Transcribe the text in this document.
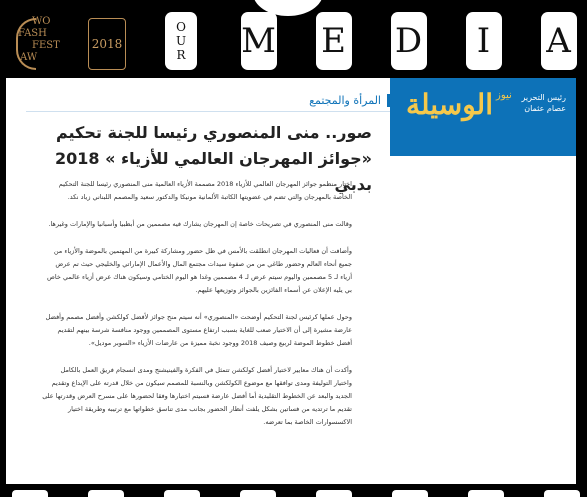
WO
FASH
FEST
AW
2018
O
U
R M E D I A
الوسيلة نيوز رئيس التحرير
عصام عثمان
المرأة والمجتمع
صور.. منى المنصوري رئيسا للجنة تحكيم «جوائز المهرجان العالمي للأزياء » 2018 بدبي

اختار منظمو جوائز المهرجان العالمي للأزياء 2018 مصممة الأزياء العالمية منى المنصوري رئيسا للجنة التحكيم الخاصة بالمهرجان والتي تضم في عضويتها الكاتبة الألمانية مونيكا والدكتور سعيد والمصمم اللبناني زياد نكد.

وقالت منى المنصوري في تصريحات خاصة إن المهرجان يشارك فيه مصممين من أبظبيا وأسبانيا والإمارات وغيرها.

وأضافت أن فعاليات المهرجان انطلقت بالأمس في ظل حضور ومشاركة كبيرة من المهتمين بالموضة والأزياء من جميع أنحاء العالم وحضور طاغي من من صفوة سيدات مجتمع المال والأعمال الإماراتي والخليجي حيث تم عرض أزياء لـ 5 مصممين واليوم سيتم عرض لـ 4 مصممين وغدا هو اليوم الختامي وسيكون هناك عرض أزياء عالمي خاص بي يليه الإعلان عن أسماء الفائزين بالجوائز وتوزيعها عليهم.

وحول عملها كرئيس لجنة التحكيم أوضحت «المنصوري» أنه سيتم منح جوائز لأفضل كولكشن وأفضل مصمم وأفضل عارضة مشيرة إلى أن الاختيار صعب للغاية بسبب ارتفاع مستوى المصممين ووجود منافسة شرسة بينهم لتقديم أفضل خطوط الموضة لربيع وصيف 2018 ووجود نخبة مميزة من عارضات الأزياء «السوبر موديل».

وأكدت أن هناك معايير لاختيار أفضل كولكشن تتمثل في الفكرة والفينيشنج ومدى انسجام فريق العمل بالكامل واختيار التوليفة ومدى توافقها مع موضوع الكولكشن وبالنسبة للمصمم سيكون من خلال قدرته على الإبداع وتقديم الجديد والبعد عن الخطوط التقليدية أما أفضل عارضة فسيتم اختيارها وفقا لحضورها على مسرح العرض وقدرتها على تقديم ما ترتديه من فساتين بشكل يلفت أنظار الحضور بجانب مدى تناسق خطواتها مع ترتيبه وطريقة اختيار الاكسسوارات الخاصة بما تعرضه.
